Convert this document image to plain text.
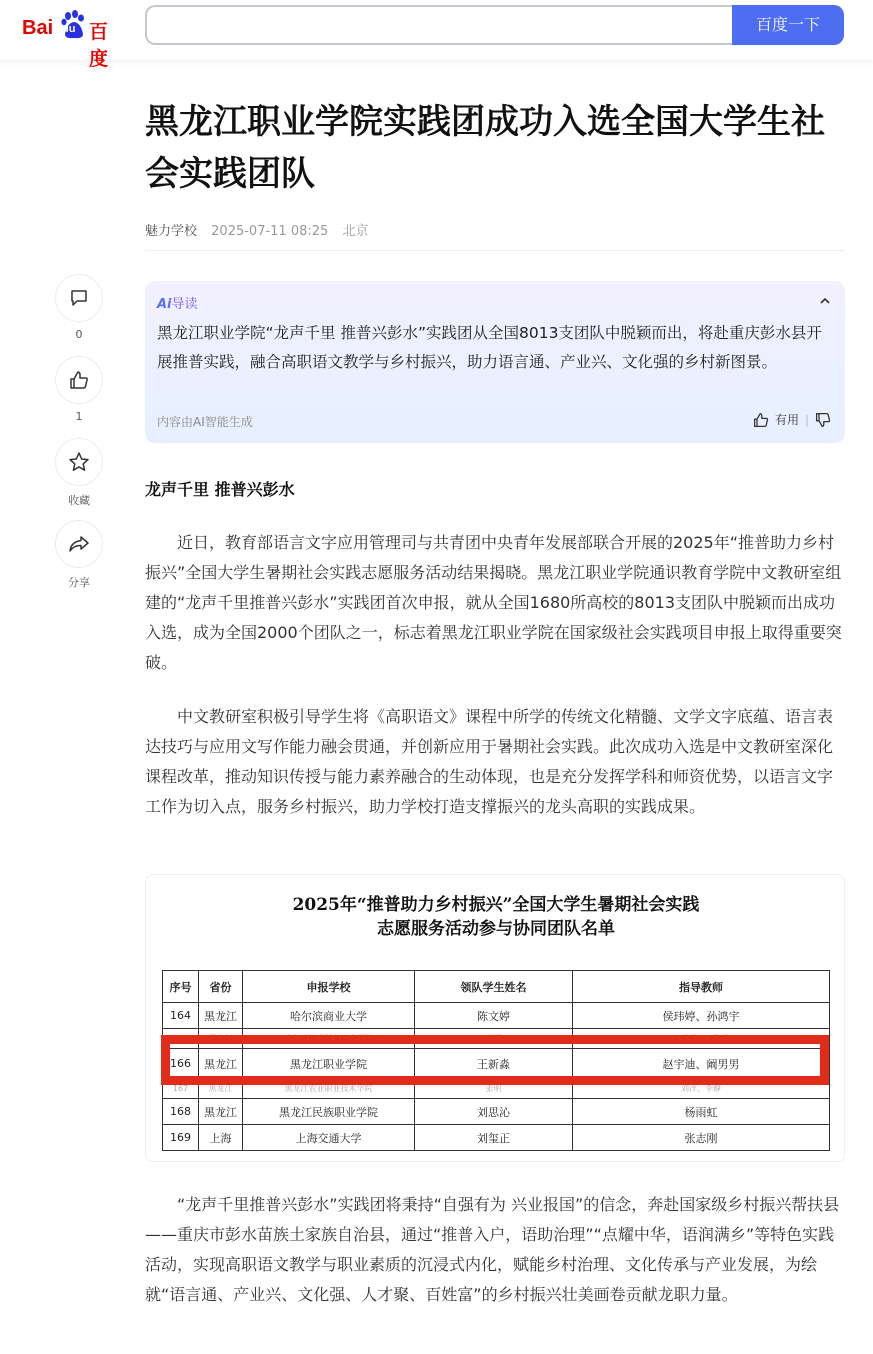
Bai du 百度
百度一下
黑龙江职业学院实践团成功入选全国大学生社会实践团队
魅力学校 2025-07-11 08:25 北京
0
1
收藏
分享
Ai导读
黑龙江职业学院“龙声千里 推普兴彭水”实践团从全国8013支团队中脱颖而出，将赴重庆彭水县开展推普实践，融合高职语文教学与乡村振兴，助力语言通、产业兴、文化强的乡村新图景。
内容由AI智能生成	有用 |
龙声千里 推普兴彭水

近日，教育部语言文字应用管理司与共青团中央青年发展部联合开展的2025年“推普助力乡村振兴”全国大学生暑期社会实践志愿服务活动结果揭晓。黑龙江职业学院通识教育学院中文教研室组建的“龙声千里推普兴彭水”实践团首次申报，就从全国1680所高校的8013支团队中脱颖而出成功入选，成为全国2000个团队之一，标志着黑龙江职业学院在国家级社会实践项目申报上取得重要突破。

中文教研室积极引导学生将《高职语文》课程中所学的传统文化精髓、文学文字底蕴、语言表达技巧与应用文写作能力融会贯通，并创新应用于暑期社会实践。此次成功入选是中文教研室深化课程改革，推动知识传授与能力素养融合的生动体现，也是充分发挥学科和师资优势，以语言文字工作为切入点，服务乡村振兴，助力学校打造支撑振兴的龙头高职的实践成果。

2025年“推普助力乡村振兴”全国大学生暑期社会实践
志愿服务活动参与协同团队名单
序号	省份	申报学校	领队学生姓名	指导教师
164	黑龙江	哈尔滨商业大学	陈文婷	侯玮婷、孙鸿宇
165	黑龙江	哈尔滨铁道职业技术学院	郭涵	李丹丹、王海娟
166	黑龙江	黑龙江职业学院	王新淼	赵宇迪、阚男男
167	黑龙江	黑龙江农业职业技术学院	张明	刘洋、李静
168	黑龙江	黑龙江民族职业学院	刘思沁	杨雨虹
169	上海	上海交通大学	刘玺正	张志刚

“龙声千里推普兴彭水”实践团将秉持“自强有为 兴业报国”的信念，奔赴国家级乡村振兴帮扶县——重庆市彭水苗族土家族自治县，通过“推普入户，语助治理”“点耀中华，语润满乡”等特色实践活动，实现高职语文教学与职业素质的沉浸式内化，赋能乡村治理、文化传承与产业发展，为绘就“语言通、产业兴、文化强、人才聚、百姓富”的乡村振兴壮美画卷贡献龙职力量。
